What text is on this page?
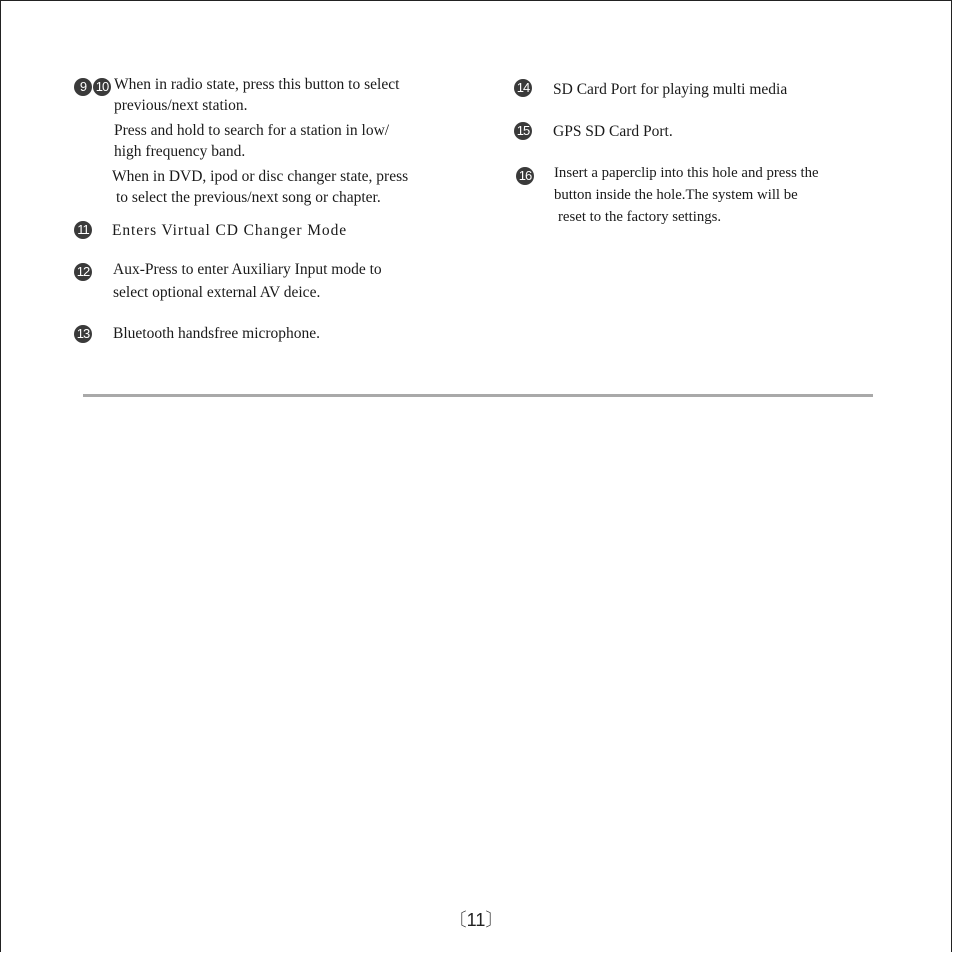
9 10 When in radio state, press this button to select
previous/next station.
Press and hold to search for a station in low/
high frequency band.
When in DVD, ipod or disc changer state, press
to select the previous/next song or chapter.
11 Enters Virtual CD Changer Mode
12 Aux-Press to enter Auxiliary Input mode to
select optional external AV deice.
13 Bluetooth handsfree microphone.
14 SD Card Port for playing multi media
15 GPS SD Card Port.
16 Insert a paperclip into this hole and press the
button inside the hole.The system will be
reset to the factory settings.
〔11〕
